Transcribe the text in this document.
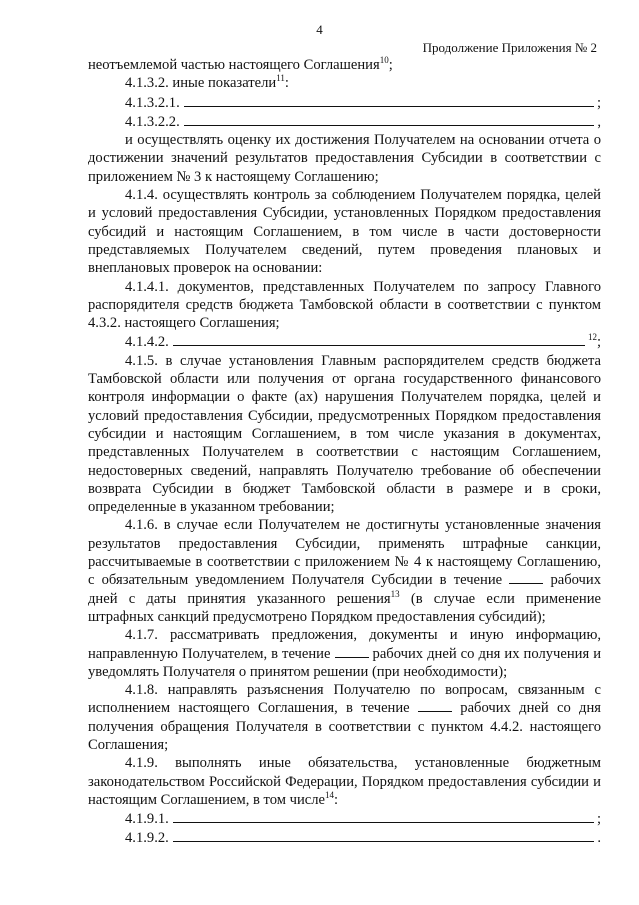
4
Продолжение Приложения № 2

неотъемлемой частью настоящего Соглашения$^{10}$;

4.1.3.2. иные показатели$^{11}$:

4.1.3.2.1.	;
4.1.3.2.2.	,

и осуществлять оценку их достижения Получателем на основании отчета о достижении значений результатов предоставления Субсидии в соответствии с приложением № 3 к настоящему Соглашению;

4.1.4. осуществлять контроль за соблюдением Получателем порядка, целей и условий предоставления Субсидии, установленных Порядком предоставления субсидий и настоящим Соглашением, в том числе в части достоверности представляемых Получателем сведений, путем проведения плановых и внеплановых проверок на основании:

4.1.4.1. документов, представленных Получателем по запросу Главного распорядителя средств бюджета Тамбовской области в соответствии с пунктом 4.3.2. настоящего Соглашения;

4.1.4.2.	$^{12}$;

4.1.5. в случае установления Главным распорядителем средств бюджета Тамбовской области или получения от органа государственного финансового контроля информации о факте (ах) нарушения Получателем порядка, целей и условий предоставления Субсидии, предусмотренных Порядком предоставления субсидии и настоящим Соглашением, в том числе указания в документах, представленных Получателем в соответствии с настоящим Соглашением, недостоверных сведений, направлять Получателю требование об обеспечении возврата Субсидии в бюджет Тамбовской области в размере и в сроки, определенные в указанном требовании;

4.1.6. в случае если Получателем не достигнуты установленные значения результатов предоставления Субсидии, применять штрафные санкции, рассчитываемые в соответствии с приложением № 4 к настоящему Соглашению, с обязательным уведомлением Получателя Субсидии в течение	рабочих дней с даты принятия указанного решения$^{13}$ (в случае если применение штрафных санкций предусмотрено Порядком предоставления субсидий);

4.1.7. рассматривать предложения, документы и иную информацию, направленную Получателем, в течение	рабочих дней со дня их получения и уведомлять Получателя о принятом решении (при необходимости);

4.1.8. направлять разъяснения Получателю по вопросам, связанным с исполнением настоящего Соглашения, в течение	рабочих дней со дня получения обращения Получателя в соответствии с пунктом 4.4.2. настоящего Соглашения;

4.1.9. выполнять иные обязательства, установленные бюджетным законодательством Российской Федерации, Порядком предоставления субсидии и настоящим Соглашением, в том числе$^{14}$:

4.1.9.1.	;
4.1.9.2.	.
